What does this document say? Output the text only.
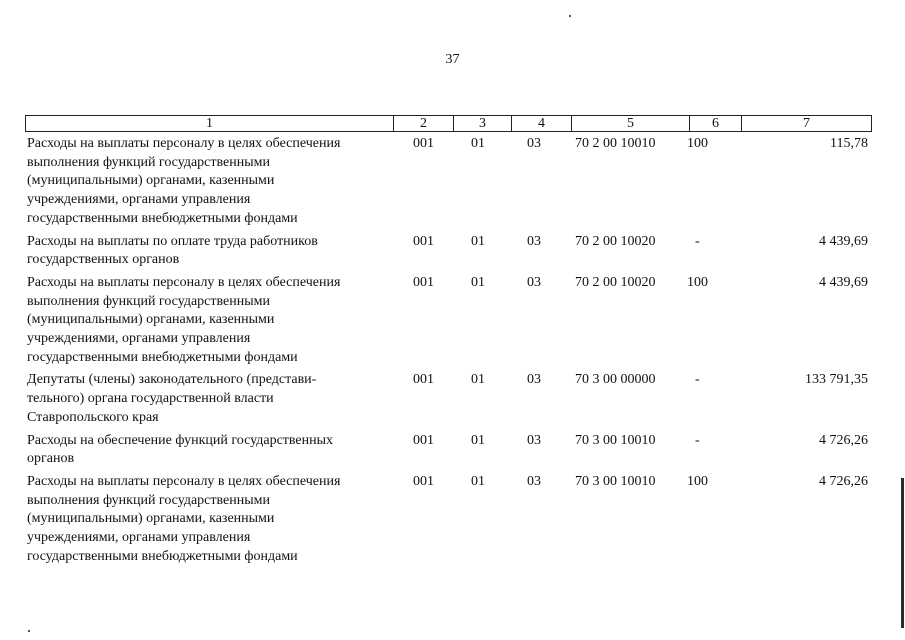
37
1	2	3	4	5	6	7
Расходы на выплаты персоналу в целях обеспечения
выполнения функций государственными
(муниципальными) органами, казенными
учреждениями, органами управления
государственными внебюджетными фондами
001	01	03	70 2 00 10010	100	115,78
Расходы на выплаты по оплате труда работников
государственных органов
001	01	03	70 2 00 10020	-	4 439,69
Расходы на выплаты персоналу в целях обеспечения
выполнения функций государственными
(муниципальными) органами, казенными
учреждениями, органами управления
государственными внебюджетными фондами
001	01	03	70 2 00 10020	100	4 439,69
Депутаты (члены) законодательного (представи-
тельного) органа государственной власти
Ставропольского края
001	01	03	70 3 00 00000	-	133 791,35
Расходы на обеспечение функций государственных
органов
001	01	03	70 3 00 10010	-	4 726,26
Расходы на выплаты персоналу в целях обеспечения
выполнения функций государственными
(муниципальными) органами, казенными
учреждениями, органами управления
государственными внебюджетными фондами
001	01	03	70 3 00 10010	100	4 726,26
